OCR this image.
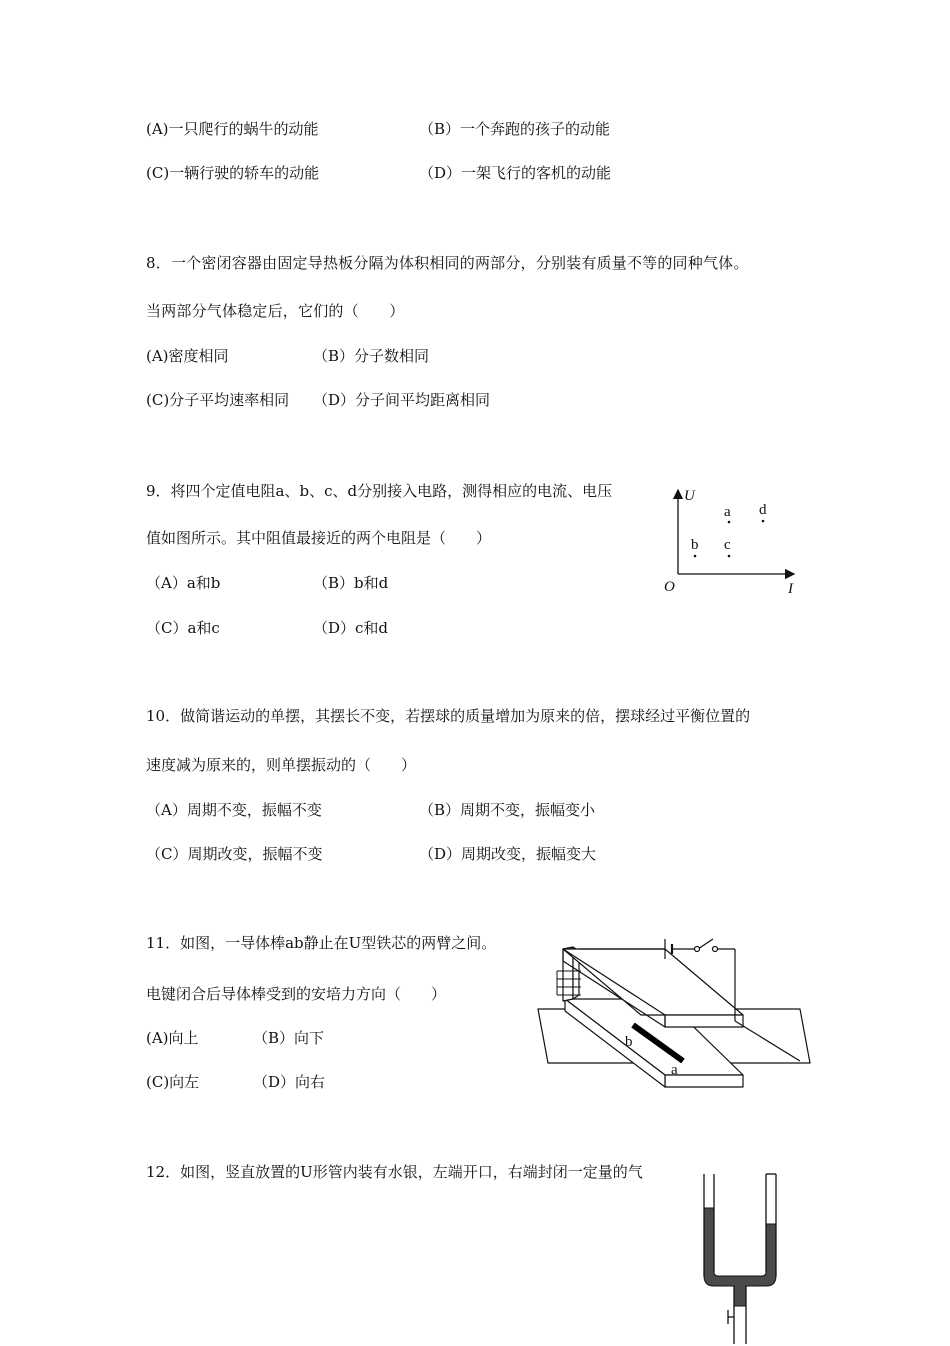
(A)一只爬行的蜗牛的动能	（B）一个奔跑的孩子的动能
(C)一辆行驶的轿车的动能	（D）一架飞行的客机的动能
8．一个密闭容器由固定导热板分隔为体积相同的两部分，分别装有质量不等的同种气体。
当两部分气体稳定后，它们的（　　）
(A)密度相同	（B）分子数相同
(C)分子平均速率相同 （D）分子间平均距离相同
9．将四个定值电阻a、b、c、d分别接入电路，测得相应的电流、电压
值如图所示。其中阻值最接近的两个电阻是（　　）
（A）a和b	（B）b和d
（C）a和c	（D）c和d
U
I
O
a d
b c
10．做简谐运动的单摆，其摆长不变，若摆球的质量增加为原来的倍，摆球经过平衡位置的
速度减为原来的，则单摆振动的（　　）
（A）周期不变，振幅不变	（B）周期不变，振幅变小
（C）周期改变，振幅不变	（D）周期改变，振幅变大
11．如图，一导体棒ab静止在U型铁芯的两臂之间。
电键闭合后导体棒受到的安培力方向（　　）
(A)向上	（B）向下
(C)向左	（D）向右
b
a
12．如图，竖直放置的U形管内装有水银，左端开口，右端封闭一定量的气
